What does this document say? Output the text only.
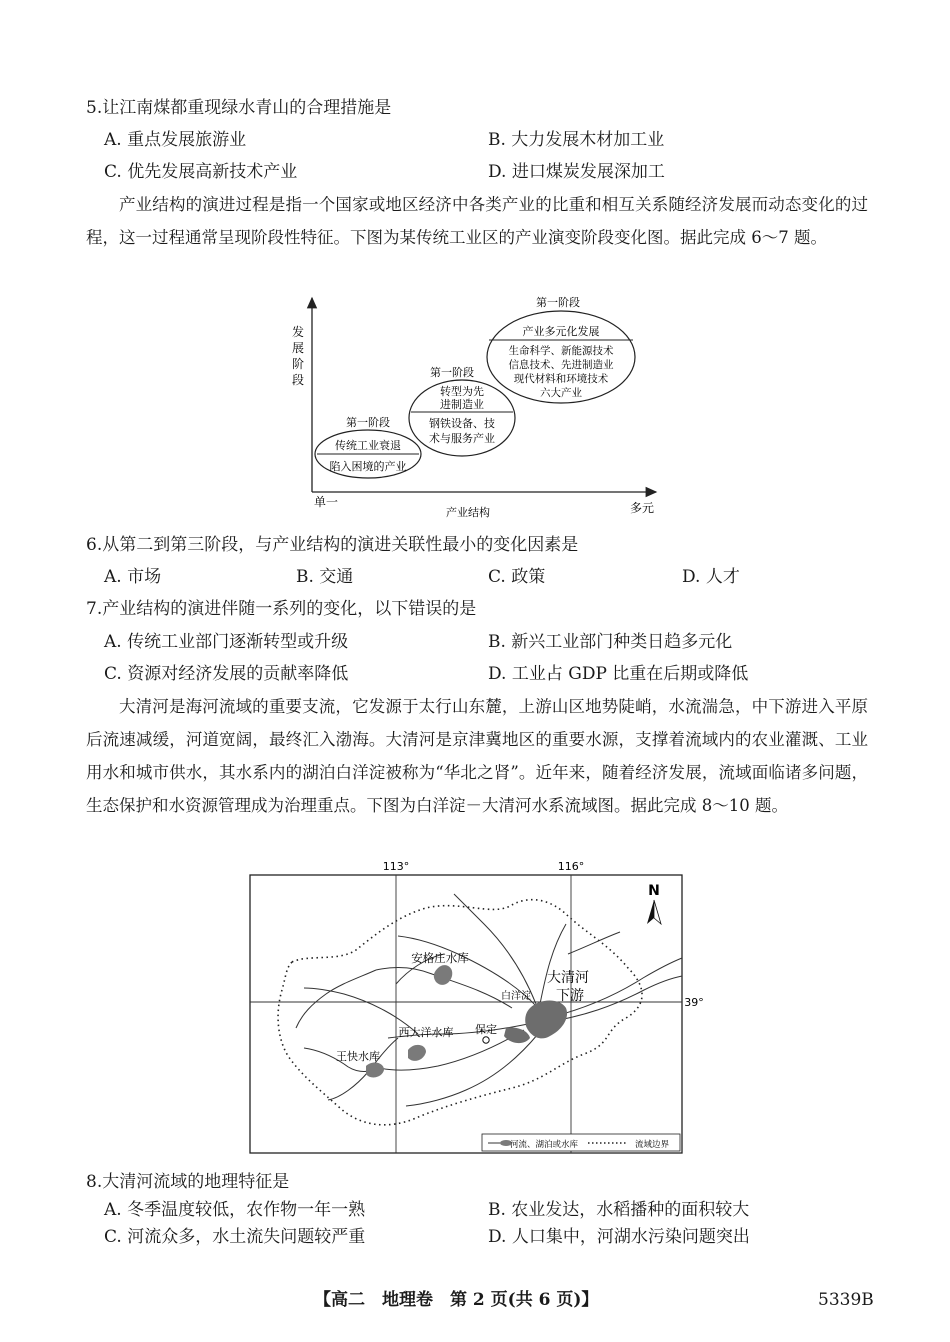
5.让江南煤都重现绿水青山的合理措施是
A. 重点发展旅游业	B. 大力发展木材加工业
C. 优先发展高新技术产业	D. 进口煤炭发展深加工
产业结构的演进过程是指一个国家或地区经济中各类产业的比重和相互关系随经济发展而动态变化的过程，这一过程通常呈现阶段性特征。下图为某传统工业区的产业演变阶段变化图。据此完成 6～7 题。
发
展
阶
段
单一
产业结构	多元
第一阶段
传统工业衰退
陷入困境的产业
第一阶段
转型为先
进制造业
钢铁设备、技
术与服务产业
第一阶段
产业多元化发展
生命科学、新能源技术
信息技术、先进制造业
现代材料和环境技术
六大产业
6.从第二到第三阶段，与产业结构的演进关联性最小的变化因素是
A. 市场	B. 交通	C. 政策	D. 人才
7.产业结构的演进伴随一系列的变化，以下错误的是
A. 传统工业部门逐渐转型或升级	B. 新兴工业部门种类日趋多元化
C. 资源对经济发展的贡献率降低	D. 工业占 GDP 比重在后期或降低
大清河是海河流域的重要支流，它发源于太行山东麓，上游山区地势陡峭，水流湍急，中下游进入平原后流速减缓，河道宽阔，最终汇入渤海。大清河是京津冀地区的重要水源，支撑着流域内的农业灌溉、工业用水和城市供水，其水系内的湖泊白洋淀被称为“华北之肾”。近年来，随着经济发展，流域面临诸多问题，生态保护和水资源管理成为治理重点。下图为白洋淀－大清河水系流域图。据此完成 8～10 题。
113°	116°
39°
N
安格庄水库
白洋淀
大清河
下游
保定
西大洋水库
王快水库
河流、湖泊或水库	流域边界
8.大清河流域的地理特征是
A. 冬季温度较低，农作物一年一熟	B. 农业发达，水稻播种的面积较大
C. 河流众多，水土流失问题较严重	D. 人口集中，河湖水污染问题突出
【高二　地理卷　第 2 页(共 6 页)】	5339B
